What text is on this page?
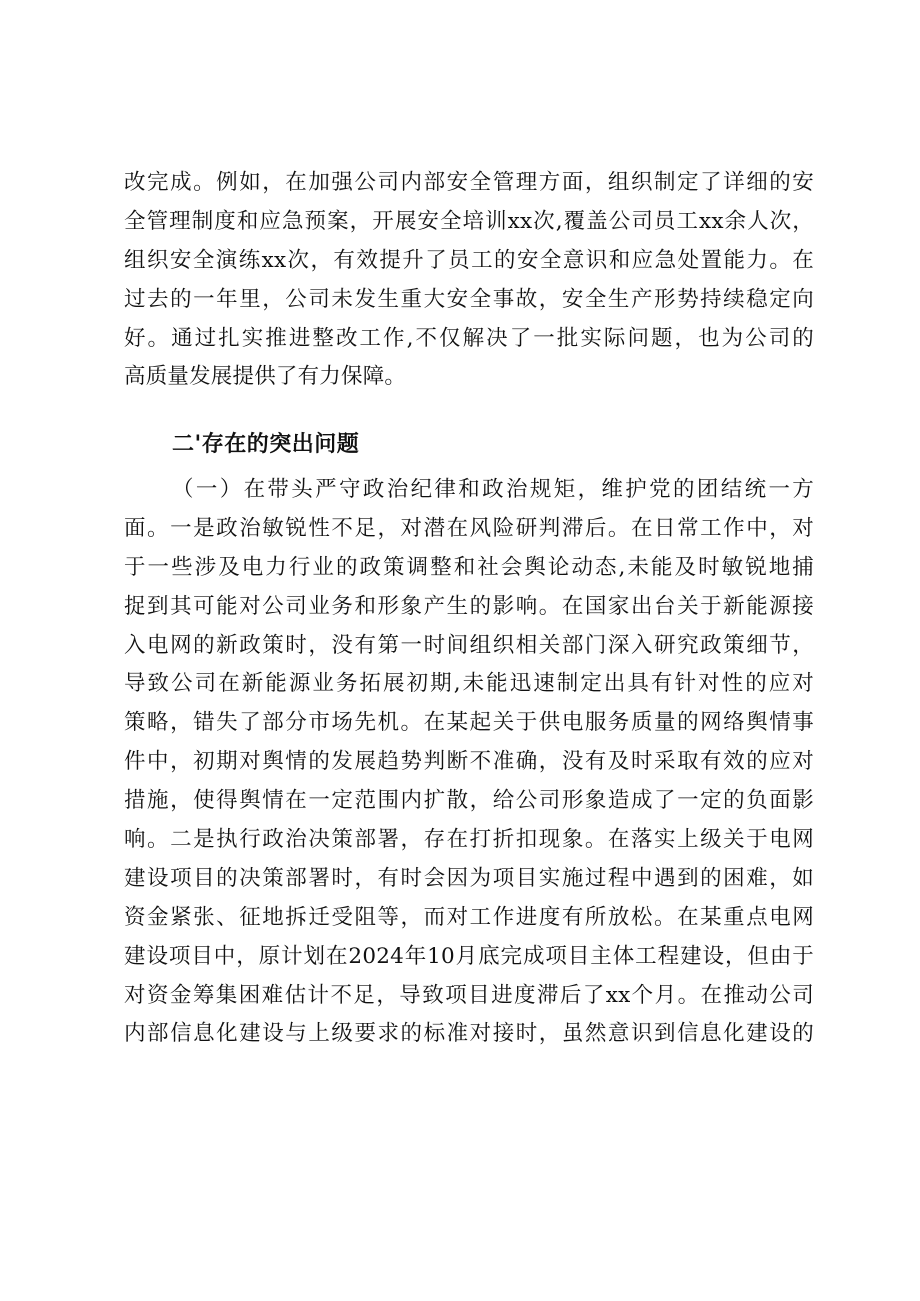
改完成。例如，在加强公司内部安全管理方面，组织制定了详细的安
全管理制度和应急预案，开展安全培训xx次,覆盖公司员工xx余人次，
组织安全演练xx次，有效提升了员工的安全意识和应急处置能力。在
过去的一年里，公司未发生重大安全事故，安全生产形势持续稳定向
好。通过扎实推进整改工作,不仅解决了一批实际问题，也为公司的
高质量发展提供了有力保障。
二'存在的突出问题
（一）在带头严守政治纪律和政治规矩，维护党的团结统一方
面。一是政治敏锐性不足，对潜在风险研判滞后。在日常工作中，对
于一些涉及电力行业的政策调整和社会舆论动态,未能及时敏锐地捕
捉到其可能对公司业务和形象产生的影响。在国家出台关于新能源接
入电网的新政策时，没有第一时间组织相关部门深入研究政策细节，
导致公司在新能源业务拓展初期,未能迅速制定出具有针对性的应对
策略，错失了部分市场先机。在某起关于供电服务质量的网络舆情事
件中，初期对舆情的发展趋势判断不准确，没有及时采取有效的应对
措施，使得舆情在一定范围内扩散，给公司形象造成了一定的负面影
响。二是执行政治决策部署，存在打折扣现象。在落实上级关于电网
建设项目的决策部署时，有时会因为项目实施过程中遇到的困难，如
资金紧张、征地拆迁受阻等，而对工作进度有所放松。在某重点电网
建设项目中，原计划在2024年10月底完成项目主体工程建设，但由于
对资金筹集困难估计不足，导致项目进度滞后了xx个月。在推动公司
内部信息化建设与上级要求的标准对接时，虽然意识到信息化建设的
